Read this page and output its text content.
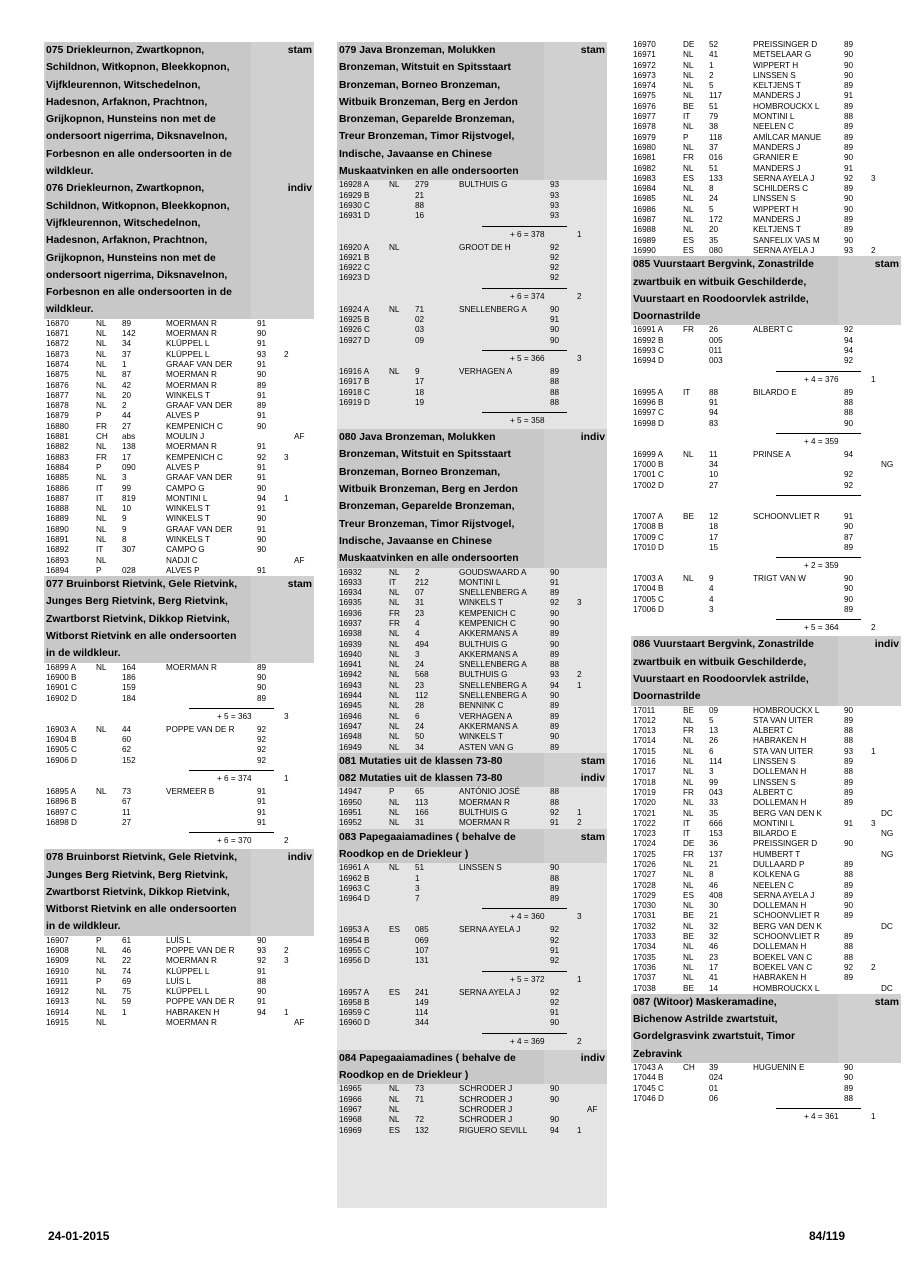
075 Driekleurnon, Zwartkopnon,
Schildnon, Witkopnon, Bleekkopnon,
Vijfkleurennon, Witschedelnon,
Hadesnon, Arfaknon, Prachtnon,
Grijkopnon, Hunsteins non met de
ondersoort nigerrima, Diksnavelnon,
Forbesnon en alle ondersoorten in de
wildkleur.
stam
076 Driekleurnon, Zwartkopnon,
Schildnon, Witkopnon, Bleekkopnon,
Vijfkleurennon, Witschedelnon,
Hadesnon, Arfaknon, Prachtnon,
Grijkopnon, Hunsteins non met de
ondersoort nigerrima, Diksnavelnon,
Forbesnon en alle ondersoorten in de
wildkleur.
indiv
16870	NL 89	MOERMAN R	91
16871	NL 142	MOERMAN R	90
16872	NL 34	KLÜPPEL L	91
16873	NL 37	KLÜPPEL L	93 2
16874	NL 1	GRAAF VAN DER	91
16875	NL 87	MOERMAN R	90
16876	NL 42	MOERMAN R	89
16877	NL 20	WINKELS T	91
16878	NL 2	GRAAF VAN DER	89
16879	P	44	ALVES P	91
16880	FR 27	KEMPENICH C	90
16881	CH abs	MOULIN J	AF
16882	NL 138	MOERMAN R	91
16883	FR 17	KEMPENICH C	92 3
16884	P	090	ALVES P	91
16885	NL 3	GRAAF VAN DER	91
16886	IT 99	CAMPO G	90
16887	IT 819	MONTINI L	94 1
16888	NL 10	WINKELS T	91
16889	NL 9	WINKELS T	90
16890	NL 9	GRAAF VAN DER	91
16891	NL 8	WINKELS T	90
16892	IT 307	CAMPO G	90
16893	NL	NADJI C	AF
16894	P	028	ALVES P	91
077 Bruinborst Rietvink, Gele Rietvink,
Junges Berg Rietvink, Berg Rietvink,
Zwartborst Rietvink, Dikkop Rietvink,
Witborst Rietvink en alle ondersoorten
in de wildkleur.
stam
16899 A NL 164	MOERMAN R	89
16900 B	186	90
16901 C	159	90
16902 D	184	89
+ 5 = 363	3
16903 A NL 44	POPPE VAN DE R	92
16904 B	60	92
16905 C	62	92
16906 D	152	92
+ 6 = 374	1
16895 A NL 73	VERMEER B	91
16896 B	67	91
16897 C	11	91
16898 D	27	91
+ 6 = 370	2
078 Bruinborst Rietvink, Gele Rietvink,
Junges Berg Rietvink, Berg Rietvink,
Zwartborst Rietvink, Dikkop Rietvink,
Witborst Rietvink en alle ondersoorten
in de wildkleur.
indiv
16907	P	61	LUÍS L	90
16908	NL 46	POPPE VAN DE R	93 2
16909	NL 22	MOERMAN R	92 3
16910	NL 74	KLÜPPEL L	91
16911	P	69	LUÍS L	88
16912	NL 75	KLÜPPEL L	90
16913	NL 59	POPPE VAN DE R	91
16914	NL 1	HABRAKEN H	94 1
16915	NL	MOERMAN R	AF
079 Java Bronzeman, Molukken
Bronzeman, Witstuit en Spitsstaart
Bronzeman, Borneo Bronzeman,
Witbuik Bronzeman, Berg en Jerdon
Bronzeman, Geparelde Bronzeman,
Treur Bronzeman, Timor Rijstvogel,
Indische, Javaanse en Chinese
Muskaatvinken en alle ondersoorten
stam
16928 A NL 279	BULTHUIS G	93
16929 B	21	93
16930 C	88	93
16931 D	16	93
+ 6 = 378	1
16920 A NL	GROOT DE H	92
16921 B	92
16922 C	92
16923 D	92
+ 6 = 374	2
16924 A NL 71	SNELLENBERG A	90
16925 B	02	91
16926 C	03	90
16927 D	09	90
+ 5 = 366	3
16916 A NL 9	VERHAGEN A	89
16917 B	17	88
16918 C	18	88
16919 D	19	88
+ 5 = 358
080 Java Bronzeman, Molukken
Bronzeman, Witstuit en Spitsstaart
Bronzeman, Borneo Bronzeman,
Witbuik Bronzeman, Berg en Jerdon
Bronzeman, Geparelde Bronzeman,
Treur Bronzeman, Timor Rijstvogel,
Indische, Javaanse en Chinese
Muskaatvinken en alle ondersoorten
indiv
16932	NL 2	GOUDSWAARD A	90
16933	IT 212	MONTINI L	91
16934	NL 07	SNELLENBERG A	89
16935	NL 31	WINKELS T	92 3
16936	FR 23	KEMPENICH C	90
16937	FR 4	KEMPENICH C	90
16938	NL 4	AKKERMANS A	89
16939	NL 494	BULTHUIS G	90
16940	NL 3	AKKERMANS A	89
16941	NL 24	SNELLENBERG A	88
16942	NL 568	BULTHUIS G	93 2
16943	NL 23	SNELLENBERG A	94 1
16944	NL 112	SNELLENBERG A	90
16945	NL 28	BENNINK C	89
16946	NL 6	VERHAGEN A	89
16947	NL 24	AKKERMANS A	89
16948	NL 50	WINKELS T	90
16949	NL 34	ASTEN VAN G	89
081 Mutaties uit de klassen 73-80	stam
082 Mutaties uit de klassen 73-80	indiv
14947	P	65	ANTÓNIO JOSÉ	88
16950	NL 113	MOERMAN R	88
16951	NL 166	BULTHUIS G	92 1
16952	NL 31	MOERMAN R	91 2
083 Papegaaiamadines ( behalve de
Roodkop en de Driekleur )
stam
16961 A NL 51	LINSSEN S	90
16962 B	1	88
16963 C	3	89
16964 D	7	89
+ 4 = 360	3
16953 A ES 085	SERNA AYELA J	92
16954 B	069	92
16955 C	107	91
16956 D	131	92
+ 5 = 372	1
16957 A ES 241	SERNA AYELA J	92
16958 B	149	92
16959 C	114	91
16960 D	344	90
+ 4 = 369	2
084 Papegaaiamadines ( behalve de
Roodkop en de Driekleur )
indiv
16965	NL 73	SCHRODER J	90
16966	NL 71	SCHRODER J	90
16967	NL	SCHRODER J	AF
16968	NL 72	SCHRODER J	90
16969	ES 132	RIGUERO SEVILL	94 1
16970	DE 52	PREISSINGER D	89
16971	NL 41	METSELAAR G	90
16972	NL 1	WIPPERT H	90
16973	NL 2	LINSSEN S	90
16974	NL 5	KELTJENS T	89
16975	NL 117	MANDERS J	91
16976	BE 51	HOMBROUCKX L	89
16977	IT 79	MONTINI L	88
16978	NL 38	NEELEN C	89
16979	P	118	AMÍLCAR MANUE	89
16980	NL 37	MANDERS J	89
16981	FR 016	GRANIER E	90
16982	NL 51	MANDERS J	91
16983	ES 133	SERNA AYELA J	92 3
16984	NL 8	SCHILDERS C	89
16985	NL 24	LINSSEN S	90
16986	NL 5	WIPPERT H	90
16987	NL 172	MANDERS J	89
16988	NL 20	KELTJENS T	89
16989	ES 35	SANFELIX VAS M	90
16990	ES 080	SERNA AYELA J	93 2
085 Vuurstaart Bergvink, Zonastrilde
zwartbuik en witbuik Geschilderde,
Vuurstaart en Roodoorvlek astrilde,
Doornastrilde
stam
16991 A FR 26	ALBERT C	92
16992 B	005	94
16993 C	011	94
16994 D	003	92
+ 4 = 376	1
16995 A IT 88	BILARDO E	89
16996 B	91	88
16997 C	94	88
16998 D	83	90
+ 4 = 359
16999 A NL 11	PRINSE A	94
17000 B	34	NG
17001 C	10	92
17002 D	27	92
17007 A BE 12	SCHOONVLIET R	91
17008 B	18	90
17009 C	17	87
17010 D	15	89
+ 2 = 359
17003 A NL 9	TRIGT VAN W	90
17004 B	4	90
17005 C	4	90
17006 D	3	89
+ 5 = 364	2
086 Vuurstaart Bergvink, Zonastrilde
zwartbuik en witbuik Geschilderde,
Vuurstaart en Roodoorvlek astrilde,
Doornastrilde
indiv
17011	BE 09	HOMBROUCKX L	90
17012	NL 5	STA VAN UITER	89
17013	FR 13	ALBERT C	88
17014	NL 26	HABRAKEN H	88
17015	NL 6	STA VAN UITER	93 1
17016	NL 114	LINSSEN S	89
17017	NL 3	DOLLEMAN H	88
17018	NL 99	LINSSEN S	89
17019	FR 043	ALBERT C	89
17020	NL 33	DOLLEMAN H	89
17021	NL 35	BERG VAN DEN K	DC
17022	IT 666	MONTINI L	91 3
17023	IT 153	BILARDO E	NG
17024	DE 36	PREISSINGER D	90
17025	FR 137	HUMBERT T	NG
17026	NL 21	DULLAARD P	89
17027	NL 8	KOLKENA G	88
17028	NL 46	NEELEN C	89
17029	ES 408	SERNA AYELA J	89
17030	NL 30	DOLLEMAN H	90
17031	BE 21	SCHOONVLIET R	89
17032	NL 32	BERG VAN DEN K	DC
17033	BE 32	SCHOONVLIET R	89
17034	NL 46	DOLLEMAN H	88
17035	NL 23	BOEKEL VAN C	88
17036	NL 17	BOEKEL VAN C	92 2
17037	NL 41	HABRAKEN H	89
17038	BE 14	HOMBROUCKX L	DC
087 (Witoor) Maskeramadine,
Bichenow Astrilde zwartstuit,
Gordelgrasvink zwartstuit, Timor
Zebravink
stam
17043 A CH 39	HUGUENIN E	90
17044 B	024	90
17045 C	01	89
17046 D	06	88
+ 4 = 361	1
24-01-2015	84/119
